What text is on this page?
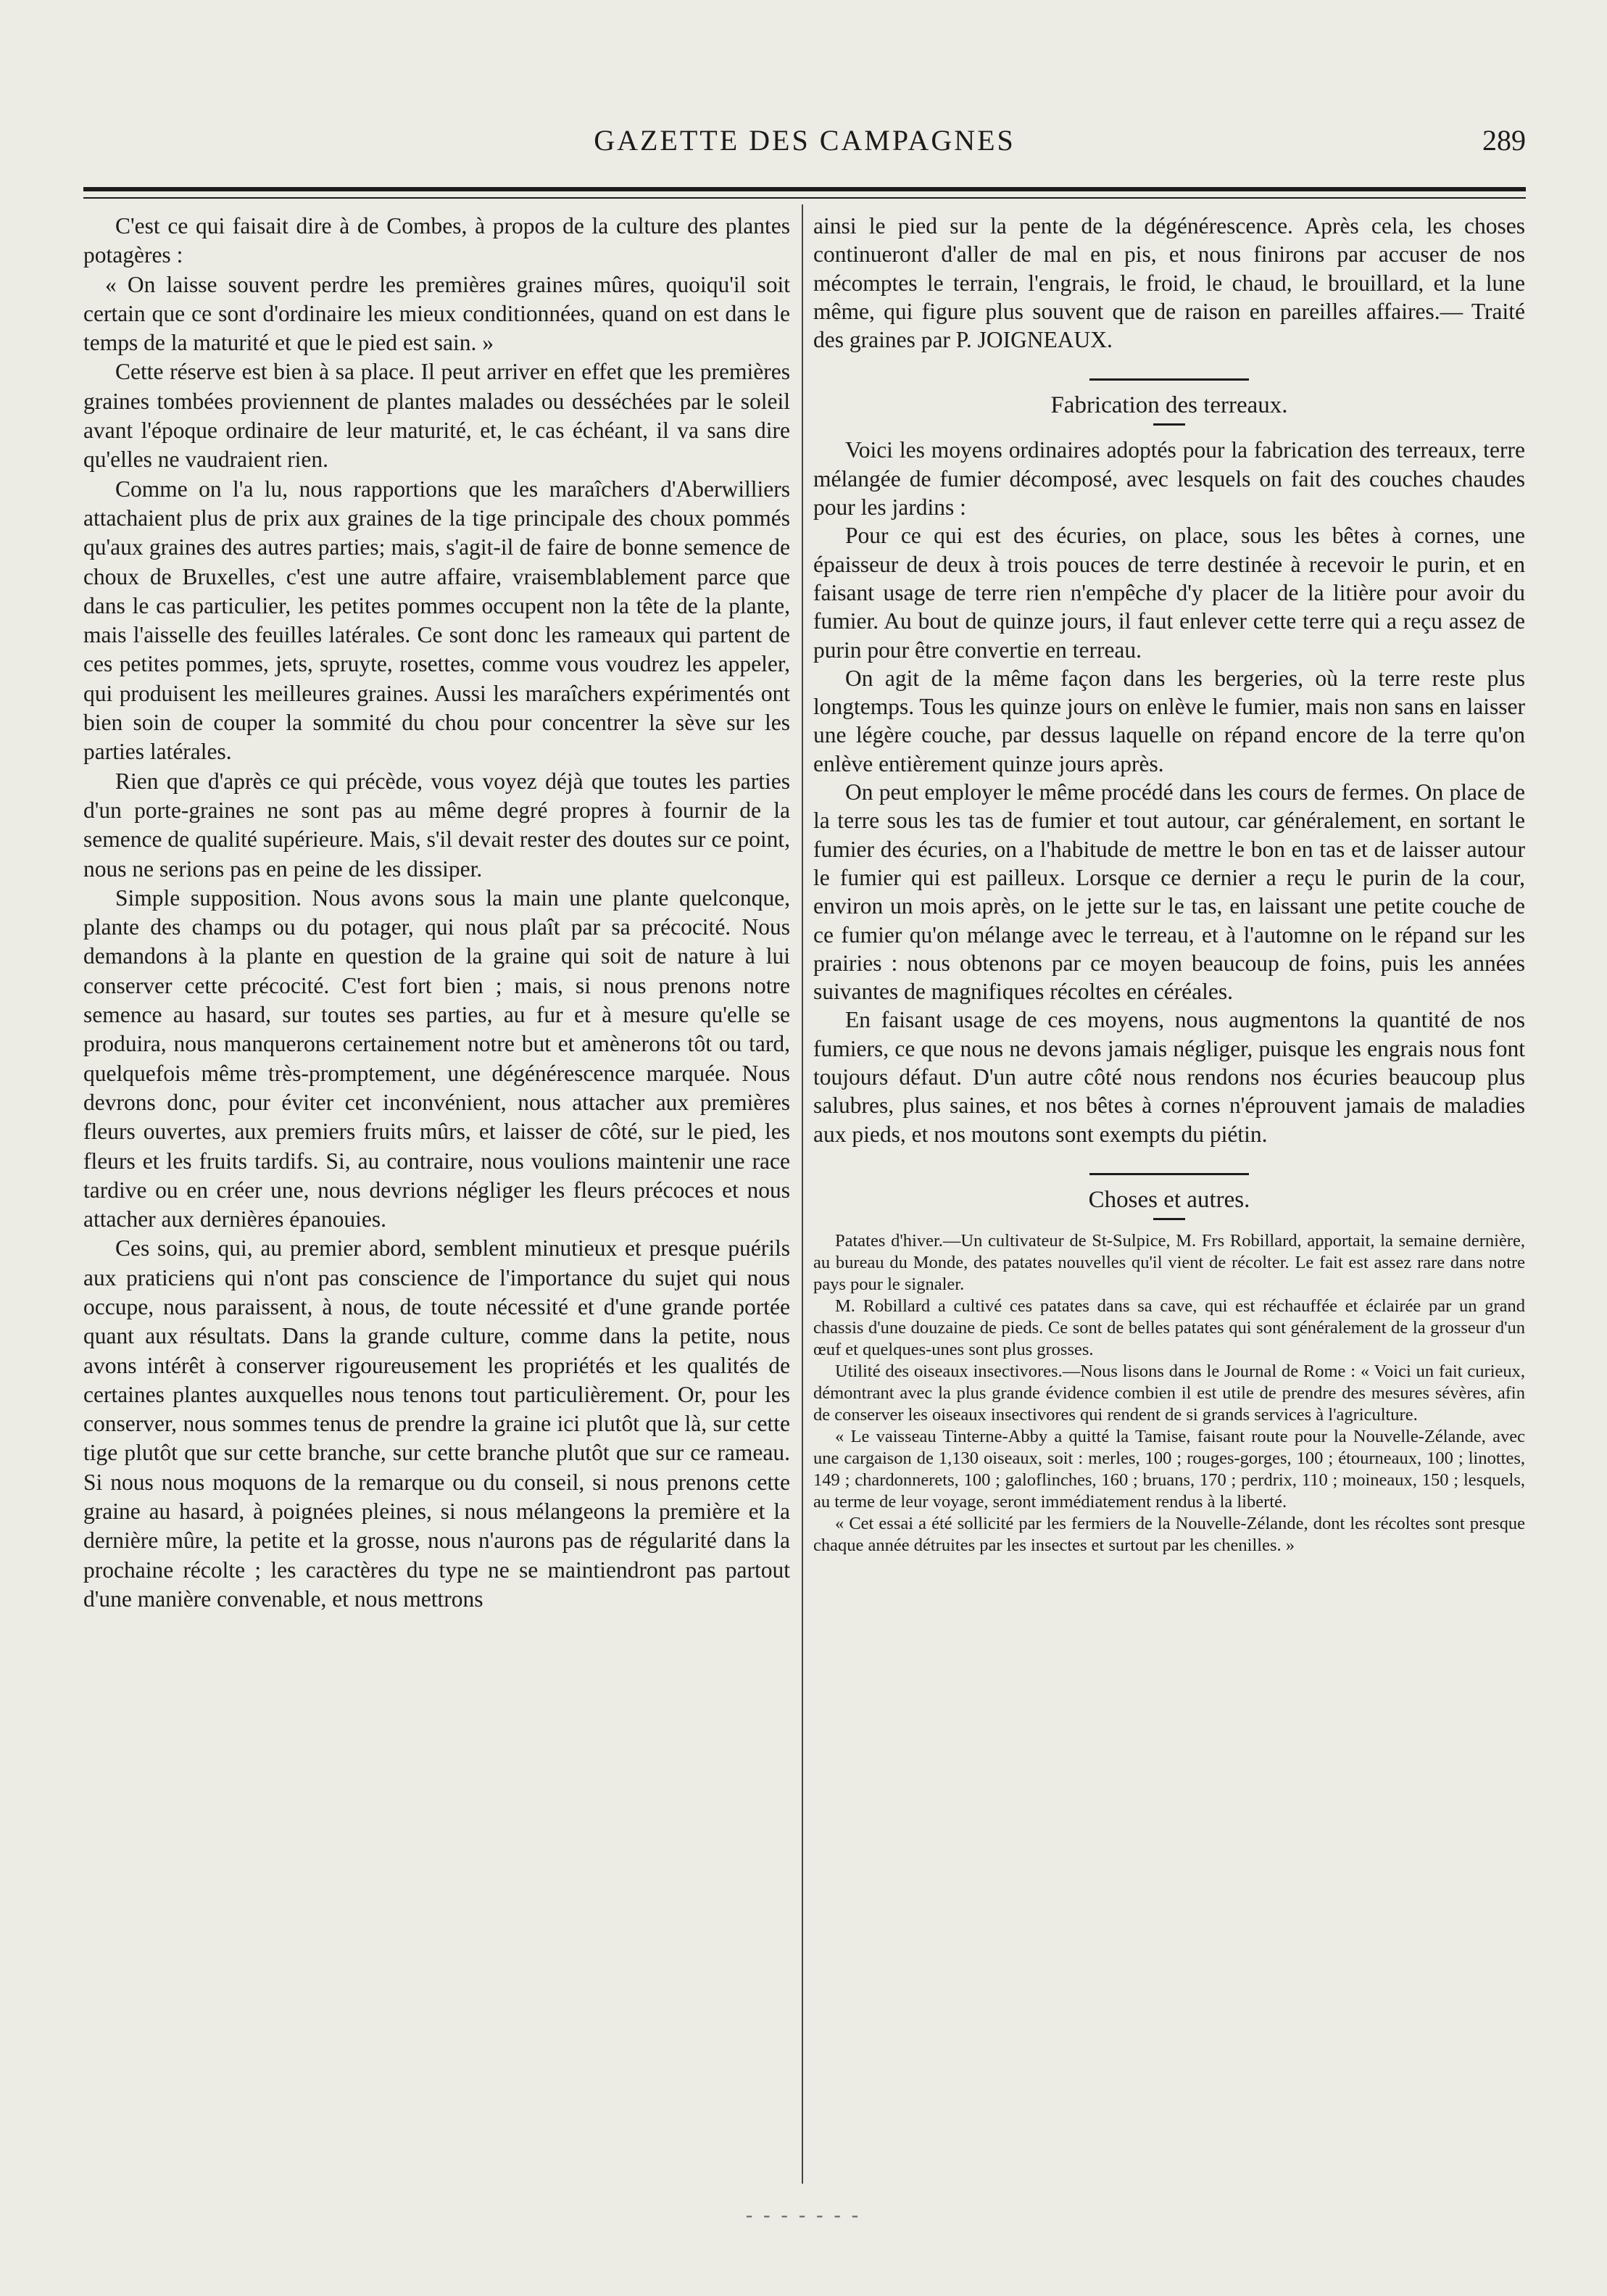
GAZETTE DES CAMPAGNES	289

C'est ce qui faisait dire à de Combes, à propos de la culture des plantes potagères :

« On laisse souvent perdre les premières graines mûres, quoiqu'il soit certain que ce sont d'ordinaire les mieux conditionnées, quand on est dans le temps de la maturité et que le pied est sain. »

Cette réserve est bien à sa place. Il peut arriver en effet que les premières graines tombées proviennent de plantes malades ou desséchées par le soleil avant l'époque ordinaire de leur maturité, et, le cas échéant, il va sans dire qu'elles ne vaudraient rien.

Comme on l'a lu, nous rapportions que les maraîchers d'Aberwilliers attachaient plus de prix aux graines de la tige principale des choux pommés qu'aux graines des autres parties; mais, s'agit-il de faire de bonne semence de choux de Bruxelles, c'est une autre affaire, vraisemblablement parce que dans le cas particulier, les petites pommes occupent non la tête de la plante, mais l'aisselle des feuilles latérales. Ce sont donc les rameaux qui partent de ces petites pommes, jets, spruyte, rosettes, comme vous voudrez les appeler, qui produisent les meilleures graines. Aussi les maraîchers expérimentés ont bien soin de couper la sommité du chou pour concentrer la sève sur les parties latérales.

Rien que d'après ce qui précède, vous voyez déjà que toutes les parties d'un porte-graines ne sont pas au même degré propres à fournir de la semence de qualité supérieure. Mais, s'il devait rester des doutes sur ce point, nous ne serions pas en peine de les dissiper.

Simple supposition. Nous avons sous la main une plante quelconque, plante des champs ou du potager, qui nous plaît par sa précocité. Nous demandons à la plante en question de la graine qui soit de nature à lui conserver cette précocité. C'est fort bien ; mais, si nous prenons notre semence au hasard, sur toutes ses parties, au fur et à mesure qu'elle se produira, nous manquerons certainement notre but et amènerons tôt ou tard, quelquefois même très-promptement, une dégénérescence marquée. Nous devrons donc, pour éviter cet inconvénient, nous attacher aux premières fleurs ouvertes, aux premiers fruits mûrs, et laisser de côté, sur le pied, les fleurs et les fruits tardifs. Si, au contraire, nous voulions maintenir une race tardive ou en créer une, nous devrions négliger les fleurs précoces et nous attacher aux dernières épanouies.

Ces soins, qui, au premier abord, semblent minutieux et presque puérils aux praticiens qui n'ont pas conscience de l'importance du sujet qui nous occupe, nous paraissent, à nous, de toute nécessité et d'une grande portée quant aux résultats. Dans la grande culture, comme dans la petite, nous avons intérêt à conserver rigoureusement les propriétés et les qualités de certaines plantes auxquelles nous tenons tout particulièrement. Or, pour les conserver, nous sommes tenus de prendre la graine ici plutôt que là, sur cette tige plutôt que sur cette branche, sur cette branche plutôt que sur ce rameau. Si nous nous moquons de la remarque ou du conseil, si nous prenons cette graine au hasard, à poignées pleines, si nous mélangeons la première et la dernière mûre, la petite et la grosse, nous n'aurons pas de régularité dans la prochaine récolte ; les caractères du type ne se maintiendront pas partout d'une manière convenable, et nous mettrons

ainsi le pied sur la pente de la dégénérescence. Après cela, les choses continueront d'aller de mal en pis, et nous finirons par accuser de nos mécomptes le terrain, l'engrais, le froid, le chaud, le brouillard, et la lune même, qui figure plus souvent que de raison en pareilles affaires.— Traité des graines par P. JOIGNEAUX.

Fabrication des terreaux.

Voici les moyens ordinaires adoptés pour la fabrication des terreaux, terre mélangée de fumier décomposé, avec lesquels on fait des couches chaudes pour les jardins :

Pour ce qui est des écuries, on place, sous les bêtes à cornes, une épaisseur de deux à trois pouces de terre destinée à recevoir le purin, et en faisant usage de terre rien n'empêche d'y placer de la litière pour avoir du fumier. Au bout de quinze jours, il faut enlever cette terre qui a reçu assez de purin pour être convertie en terreau.

On agit de la même façon dans les bergeries, où la terre reste plus longtemps. Tous les quinze jours on enlève le fumier, mais non sans en laisser une légère couche, par dessus laquelle on répand encore de la terre qu'on enlève entièrement quinze jours après.

On peut employer le même procédé dans les cours de fermes. On place de la terre sous les tas de fumier et tout autour, car généralement, en sortant le fumier des écuries, on a l'habitude de mettre le bon en tas et de laisser autour le fumier qui est pailleux. Lorsque ce dernier a reçu le purin de la cour, environ un mois après, on le jette sur le tas, en laissant une petite couche de ce fumier qu'on mélange avec le terreau, et à l'automne on le répand sur les prairies : nous obtenons par ce moyen beaucoup de foins, puis les années suivantes de magnifiques récoltes en céréales.

En faisant usage de ces moyens, nous augmentons la quantité de nos fumiers, ce que nous ne devons jamais négliger, puisque les engrais nous font toujours défaut. D'un autre côté nous rendons nos écuries beaucoup plus salubres, plus saines, et nos bêtes à cornes n'éprouvent jamais de maladies aux pieds, et nos moutons sont exempts du piétin.

Choses et autres.

Patates d'hiver.—Un cultivateur de St-Sulpice, M. Frs Robillard, apportait, la semaine dernière, au bureau du Monde, des patates nouvelles qu'il vient de récolter. Le fait est assez rare dans notre pays pour le signaler.

M. Robillard a cultivé ces patates dans sa cave, qui est réchauffée et éclairée par un grand chassis d'une douzaine de pieds. Ce sont de belles patates qui sont généralement de la grosseur d'un œuf et quelques-unes sont plus grosses.

Utilité des oiseaux insectivores.—Nous lisons dans le Journal de Rome : « Voici un fait curieux, démontrant avec la plus grande évidence combien il est utile de prendre des mesures sévères, afin de conserver les oiseaux insectivores qui rendent de si grands services à l'agriculture.

« Le vaisseau Tinterne-Abby a quitté la Tamise, faisant route pour la Nouvelle-Zélande, avec une cargaison de 1,130 oiseaux, soit : merles, 100 ; rouges-gorges, 100 ; étourneaux, 100 ; linottes, 149 ; chardonnerets, 100 ; galoflinches, 160 ; bruans, 170 ; perdrix, 110 ; moineaux, 150 ; lesquels, au terme de leur voyage, seront immédiatement rendus à la liberté.

« Cet essai a été sollicité par les fermiers de la Nouvelle-Zélande, dont les récoltes sont presque chaque année détruites par les insectes et surtout par les chenilles. »

- - - - - - -
